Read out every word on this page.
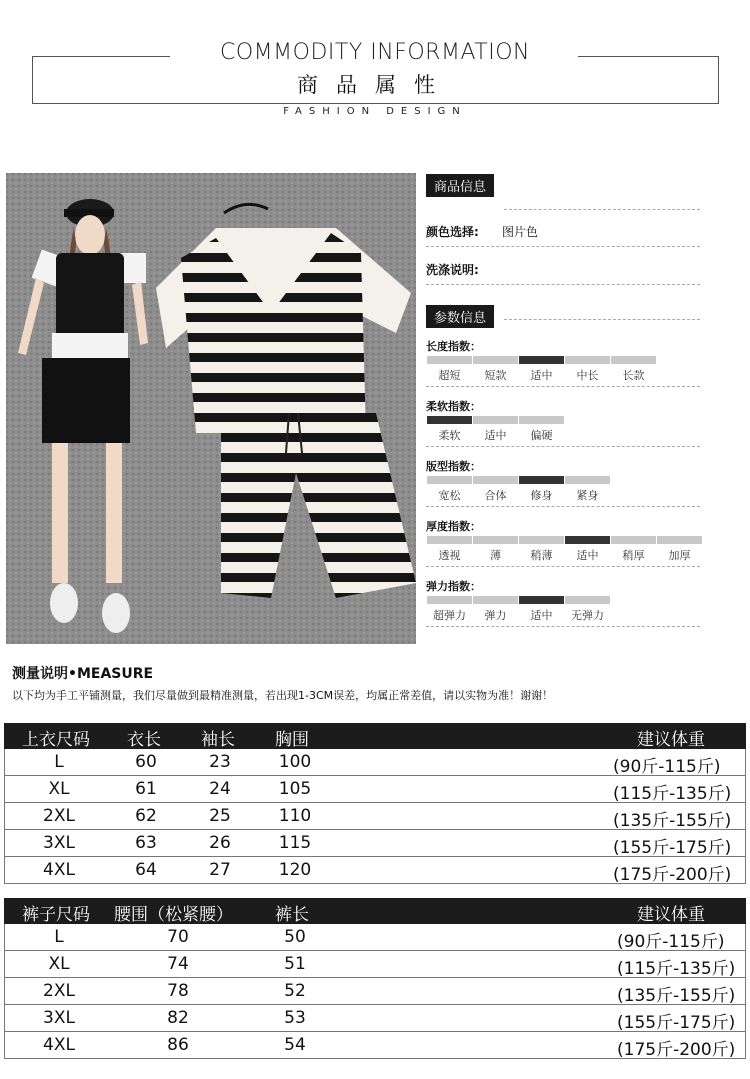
COMMODITY INFORMATION
商品属性
FASHION DESIGN
商品信息
颜色选择: 图片色
洗涤说明:
参数信息
长度指数：
超短	短款	适中	中长	长款
柔软指数：
柔软	适中	偏硬
版型指数：
宽松	合体	修身	紧身
厚度指数：
透视	薄	稍薄	适中	稍厚	加厚
弹力指数：
超弹力	弹力	适中	无弹力
测量说明•MEASURE
以下均为手工平铺测量，我们尽量做到最精准测量，若出现1-3CM误差，均属正常差值，请以实物为准！谢谢！
上衣尺码 衣长 袖长 胸围	建议体重
L	60	23	100	(90斤-115斤)
XL	61	24	105	(115斤-135斤)
2XL	62	25	110	(135斤-155斤)
3XL	63	26	115	(155斤-175斤)
4XL	64	27	120	(175斤-200斤)
裤子尺码 腰围（松紧腰） 裤长	建议体重
L	70	50	(90斤-115斤)
XL	74	51	(115斤-135斤)
2XL	78	52	(135斤-155斤)
3XL	82	53	(155斤-175斤)
4XL	86	54	(175斤-200斤)
